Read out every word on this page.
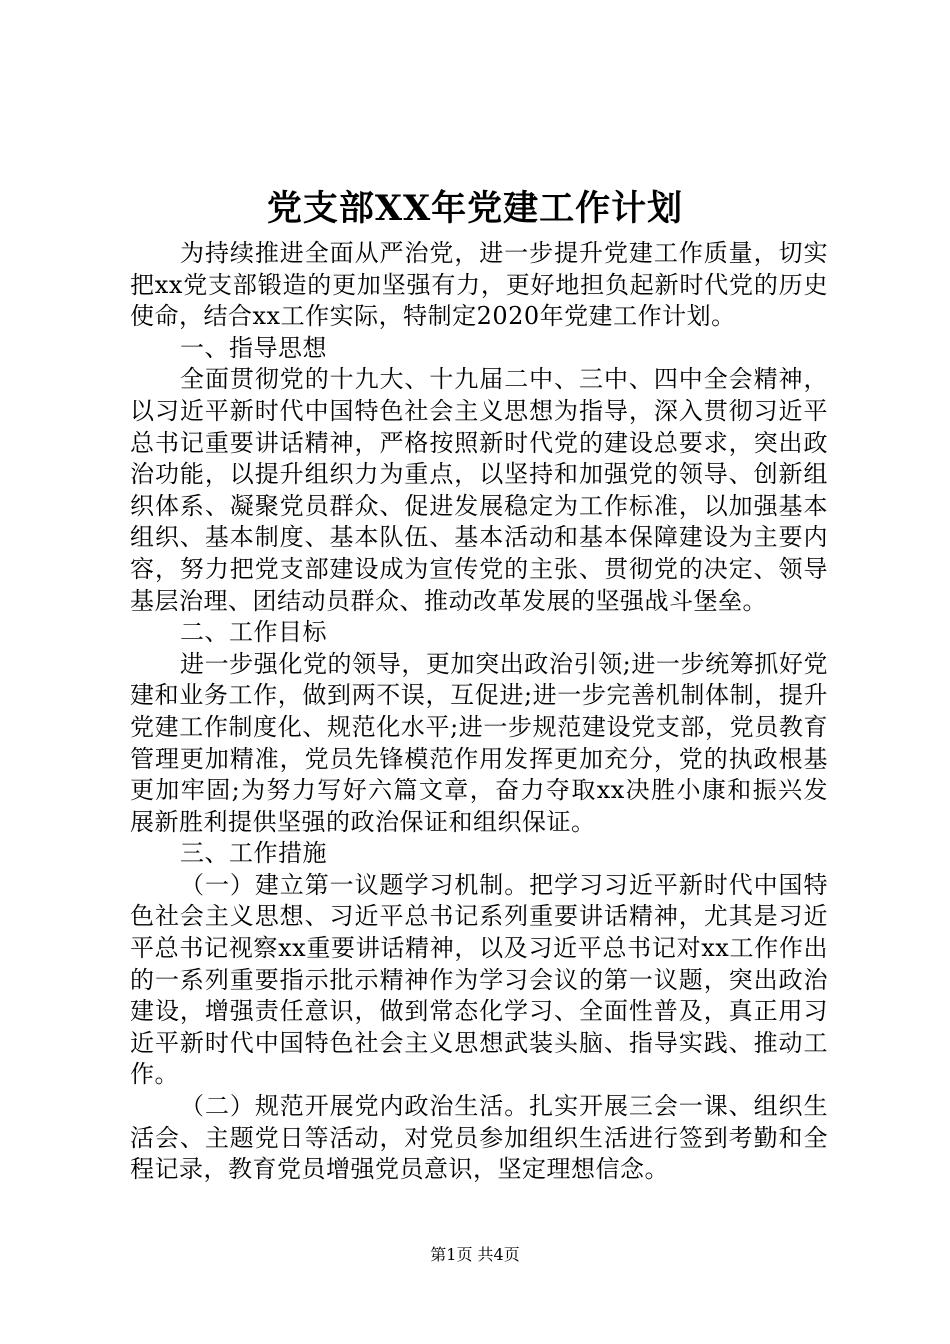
党支部XX年党建工作计划

为持续推进全面从严治党，进一步提升党建工作质量，切实把xx党支部锻造的更加坚强有力，更好地担负起新时代党的历史使命，结合xx工作实际，特制定2020年党建工作计划。

一、指导思想

全面贯彻党的十九大、十九届二中、三中、四中全会精神，以习近平新时代中国特色社会主义思想为指导，深入贯彻习近平总书记重要讲话精神，严格按照新时代党的建设总要求，突出政治功能，以提升组织力为重点，以坚持和加强党的领导、创新组织体系、凝聚党员群众、促进发展稳定为工作标准，以加强基本组织、基本制度、基本队伍、基本活动和基本保障建设为主要内容，努力把党支部建设成为宣传党的主张、贯彻党的决定、领导基层治理、团结动员群众、推动改革发展的坚强战斗堡垒。

二、工作目标

进一步强化党的领导，更加突出政治引领;进一步统筹抓好党建和业务工作，做到两不误，互促进;进一步完善机制体制，提升党建工作制度化、规范化水平;进一步规范建设党支部，党员教育管理更加精准，党员先锋模范作用发挥更加充分，党的执政根基更加牢固;为努力写好六篇文章，奋力夺取xx决胜小康和振兴发展新胜利提供坚强的政治保证和组织保证。

三、工作措施

（一）建立第一议题学习机制。把学习习近平新时代中国特色社会主义思想、习近平总书记系列重要讲话精神，尤其是习近平总书记视察xx重要讲话精神，以及习近平总书记对xx工作作出的一系列重要指示批示精神作为学习会议的第一议题，突出政治建设，增强责任意识，做到常态化学习、全面性普及，真正用习近平新时代中国特色社会主义思想武装头脑、指导实践、推动工作。

（二）规范开展党内政治生活。扎实开展三会一课、组织生活会、主题党日等活动，对党员参加组织生活进行签到考勤和全程记录，教育党员增强党员意识，坚定理想信念。

第1页 共4页
